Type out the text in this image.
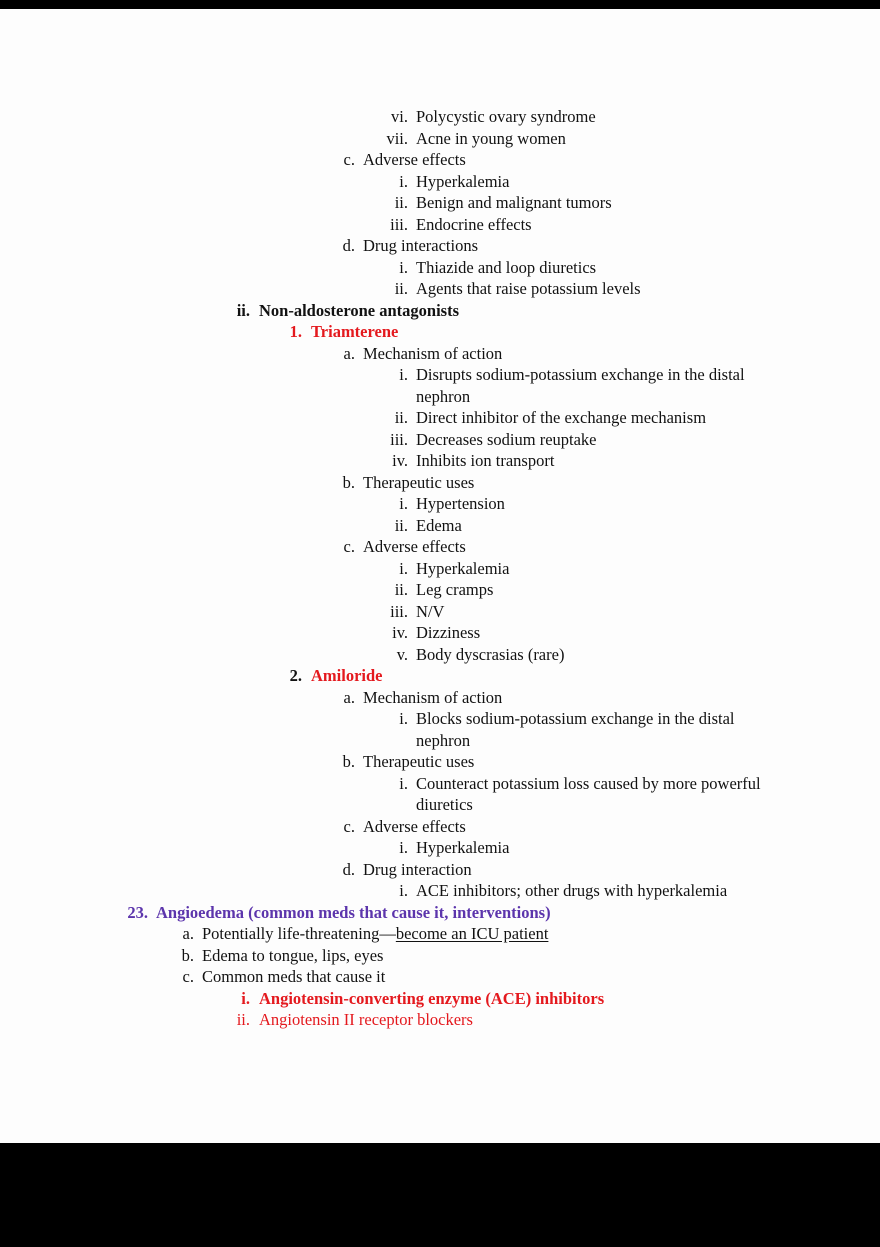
vi. Polycystic ovary syndrome
vii. Acne in young women
c. Adverse effects
i. Hyperkalemia
ii. Benign and malignant tumors
iii. Endocrine effects
d. Drug interactions
i. Thiazide and loop diuretics
ii. Agents that raise potassium levels
ii. Non-aldosterone antagonists
1. Triamterene
a. Mechanism of action
i. Disrupts sodium-potassium exchange in the distal
nephron
ii. Direct inhibitor of the exchange mechanism
iii. Decreases sodium reuptake
iv. Inhibits ion transport
b. Therapeutic uses
i. Hypertension
ii. Edema
c. Adverse effects
i. Hyperkalemia
ii. Leg cramps
iii. N/V
iv. Dizziness
v. Body dyscrasias (rare)
2. Amiloride
a. Mechanism of action
i. Blocks sodium-potassium exchange in the distal
nephron
b. Therapeutic uses
i. Counteract potassium loss caused by more powerful
diuretics
c. Adverse effects
i. Hyperkalemia
d. Drug interaction
i. ACE inhibitors; other drugs with hyperkalemia
23. Angioedema (common meds that cause it, interventions)
a. Potentially life-threatening—become an ICU patient
b. Edema to tongue, lips, eyes
c. Common meds that cause it
i. Angiotensin-converting enzyme (ACE) inhibitors
ii. Angiotensin II receptor blockers
